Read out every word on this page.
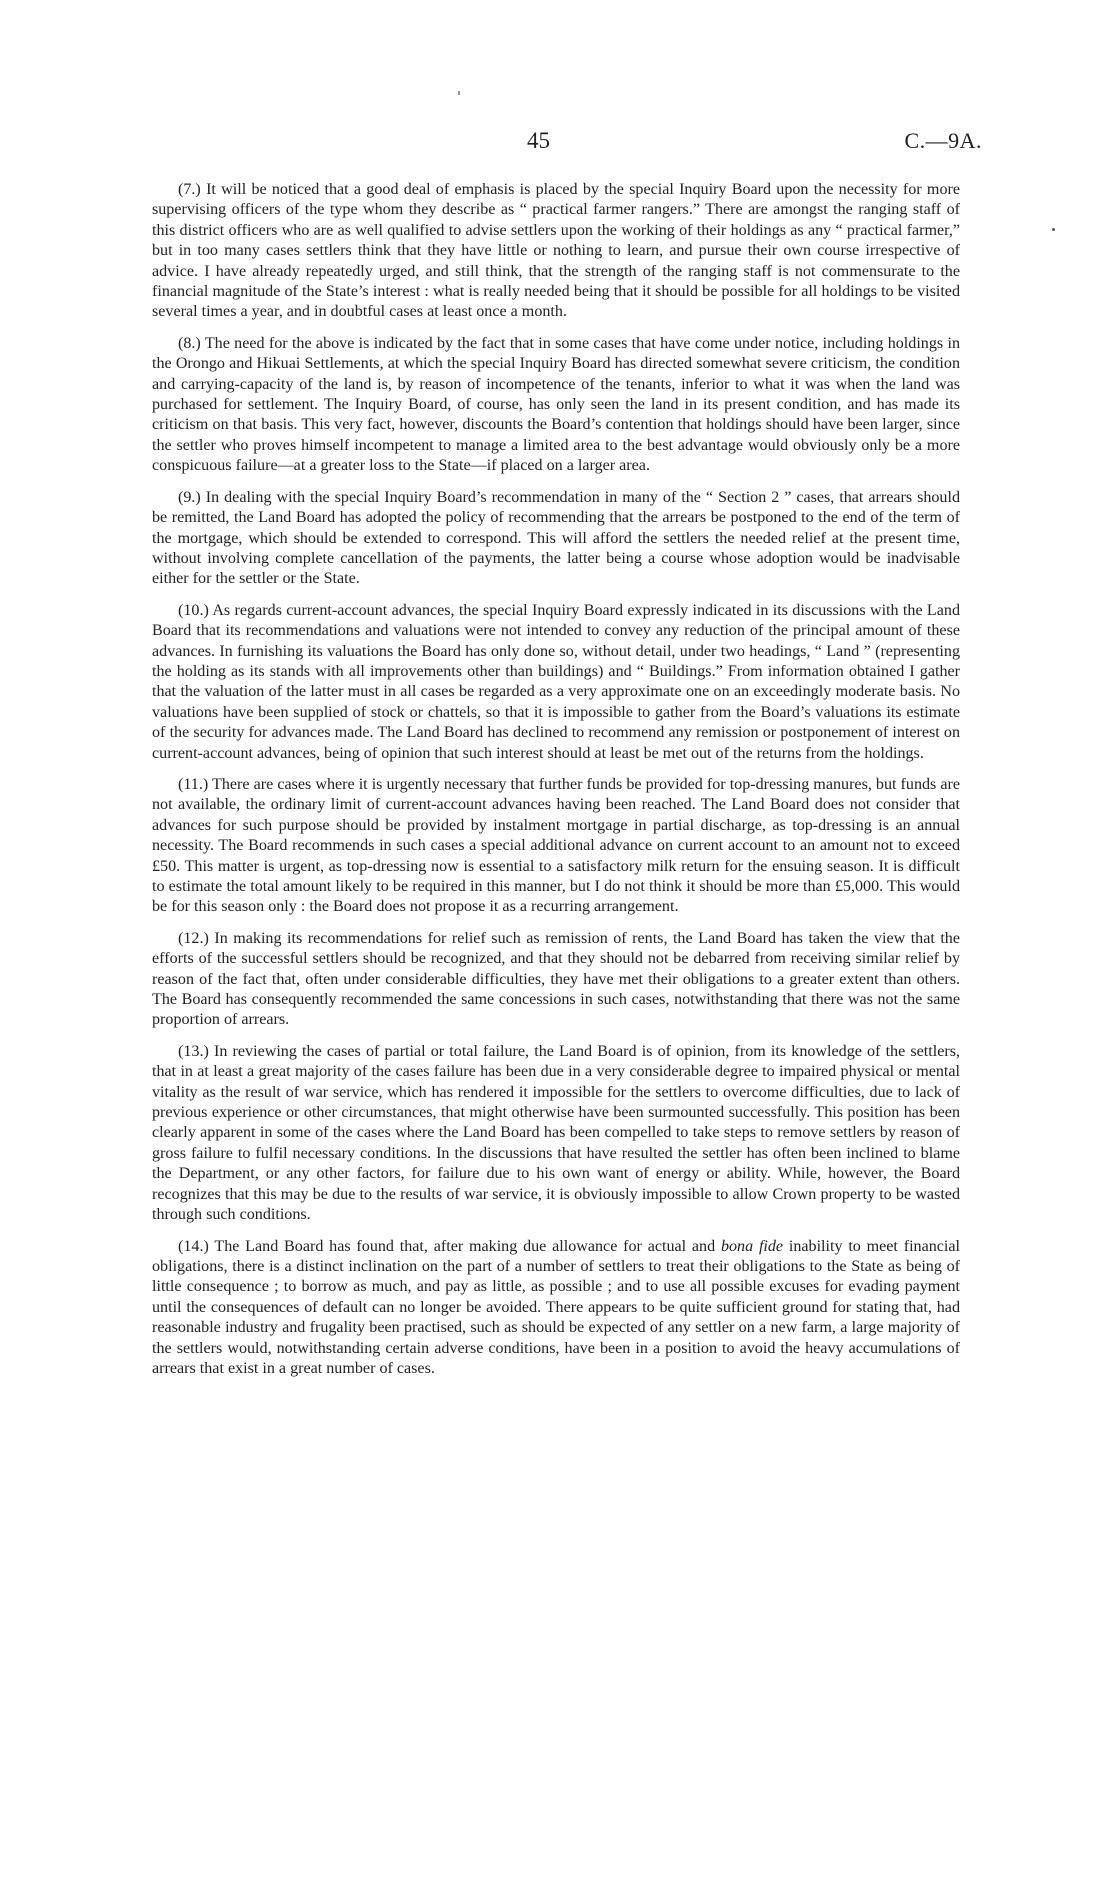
45	C.—9A.

(7.) It will be noticed that a good deal of emphasis is placed by the special Inquiry Board upon the necessity for more supervising officers of the type whom they describe as “ practical farmer rangers.” There are amongst the ranging staff of this district officers who are as well qualified to advise settlers upon the working of their holdings as any “ practical farmer,” but in too many cases settlers think that they have little or nothing to learn, and pursue their own course irrespective of advice. I have already repeatedly urged, and still think, that the strength of the ranging staff is not commensurate to the financial magnitude of the State’s interest : what is really needed being that it should be possible for all holdings to be visited several times a year, and in doubtful cases at least once a month.

(8.) The need for the above is indicated by the fact that in some cases that have come under notice, including holdings in the Orongo and Hikuai Settlements, at which the special Inquiry Board has directed somewhat severe criticism, the condition and carrying-capacity of the land is, by reason of incompetence of the tenants, inferior to what it was when the land was purchased for settlement. The Inquiry Board, of course, has only seen the land in its present condition, and has made its criticism on that basis. This very fact, however, discounts the Board’s contention that holdings should have been larger, since the settler who proves himself incompetent to manage a limited area to the best advantage would obviously only be a more conspicuous failure—at a greater loss to the State—if placed on a larger area.

(9.) In dealing with the special Inquiry Board’s recommendation in many of the “ Section 2 ” cases, that arrears should be remitted, the Land Board has adopted the policy of recommending that the arrears be postponed to the end of the term of the mortgage, which should be extended to correspond. This will afford the settlers the needed relief at the present time, without involving complete cancellation of the payments, the latter being a course whose adoption would be inadvisable either for the settler or the State.

(10.) As regards current-account advances, the special Inquiry Board expressly indicated in its discussions with the Land Board that its recommendations and valuations were not intended to convey any reduction of the principal amount of these advances. In furnishing its valuations the Board has only done so, without detail, under two headings, “ Land ” (representing the holding as its stands with all improvements other than buildings) and “ Buildings.” From information obtained I gather that the valuation of the latter must in all cases be regarded as a very approximate one on an exceedingly moderate basis. No valuations have been supplied of stock or chattels, so that it is impossible to gather from the Board’s valuations its estimate of the security for advances made. The Land Board has declined to recommend any remission or postponement of interest on current-account advances, being of opinion that such interest should at least be met out of the returns from the holdings.

(11.) There are cases where it is urgently necessary that further funds be provided for top-dressing manures, but funds are not available, the ordinary limit of current-account advances having been reached. The Land Board does not consider that advances for such purpose should be provided by instalment mortgage in partial discharge, as top-dressing is an annual necessity. The Board recommends in such cases a special additional advance on current account to an amount not to exceed £50. This matter is urgent, as top-dressing now is essential to a satisfactory milk return for the ensuing season. It is difficult to estimate the total amount likely to be required in this manner, but I do not think it should be more than £5,000. This would be for this season only : the Board does not propose it as a recurring arrangement.

(12.) In making its recommendations for relief such as remission of rents, the Land Board has taken the view that the efforts of the successful settlers should be recognized, and that they should not be debarred from receiving similar relief by reason of the fact that, often under considerable difficulties, they have met their obligations to a greater extent than others. The Board has consequently recommended the same concessions in such cases, notwithstanding that there was not the same proportion of arrears.

(13.) In reviewing the cases of partial or total failure, the Land Board is of opinion, from its knowledge of the settlers, that in at least a great majority of the cases failure has been due in a very considerable degree to impaired physical or mental vitality as the result of war service, which has rendered it impossible for the settlers to overcome difficulties, due to lack of previous experience or other circumstances, that might otherwise have been surmounted successfully. This position has been clearly apparent in some of the cases where the Land Board has been compelled to take steps to remove settlers by reason of gross failure to fulfil necessary conditions. In the discussions that have resulted the settler has often been inclined to blame the Department, or any other factors, for failure due to his own want of energy or ability. While, however, the Board recognizes that this may be due to the results of war service, it is obviously impossible to allow Crown property to be wasted through such conditions.

(14.) The Land Board has found that, after making due allowance for actual and bona fide inability to meet financial obligations, there is a distinct inclination on the part of a number of settlers to treat their obligations to the State as being of little consequence ; to borrow as much, and pay as little, as possible ; and to use all possible excuses for evading payment until the consequences of default can no longer be avoided. There appears to be quite sufficient ground for stating that, had reasonable industry and frugality been practised, such as should be expected of any settler on a new farm, a large majority of the settlers would, notwithstanding certain adverse conditions, have been in a position to avoid the heavy accumulations of arrears that exist in a great number of cases.
